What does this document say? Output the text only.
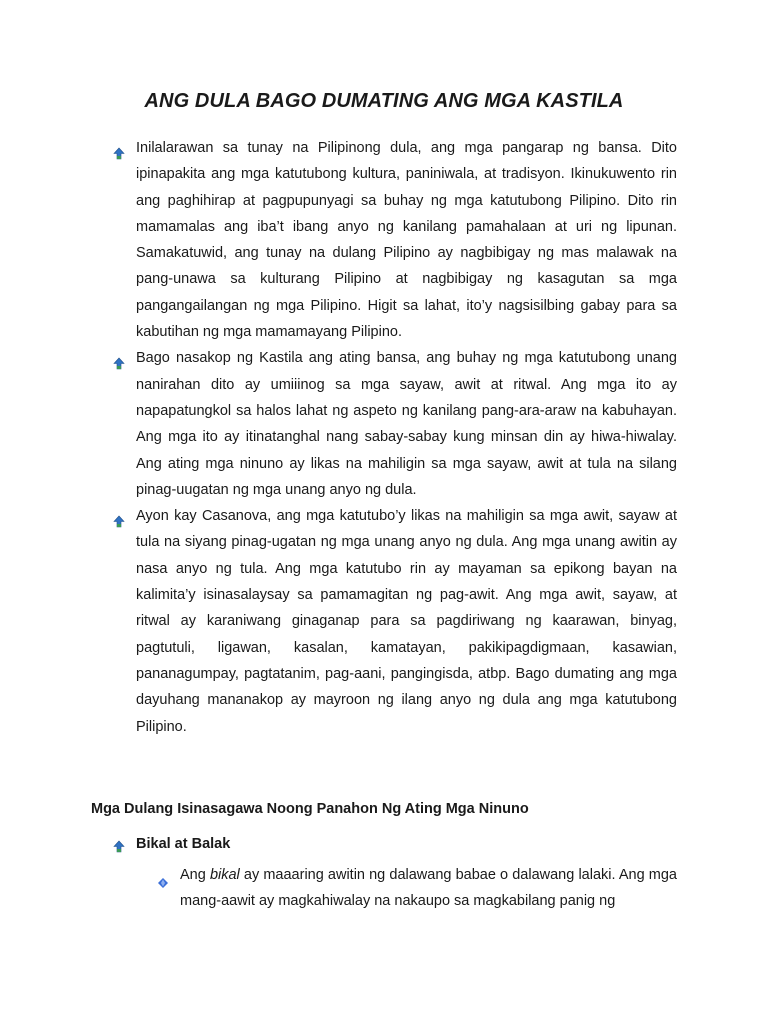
ANG DULA BAGO DUMATING ANG MGA KASTILA
Inilalarawan sa tunay na Pilipinong dula, ang mga pangarap ng bansa. Dito ipinapakita ang mga katutubong kultura, paniniwala, at tradisyon. Ikinukuwento rin ang paghihirap at pagpupunyagi sa buhay ng mga katutubong Pilipino. Dito rin mamamalas ang iba’t ibang anyo ng kanilang pamahalaan at uri ng lipunan. Samakatuwid, ang tunay na dulang Pilipino ay nagbibigay ng mas malawak na pang-unawa sa kulturang Pilipino at nagbibigay ng kasagutan sa mga pangangailangan ng mga Pilipino. Higit sa lahat, ito’y nagsisilbing gabay para sa kabutihan ng mga mamamayang Pilipino.
Bago nasakop ng Kastila ang ating bansa, ang buhay ng mga katutubong unang nanirahan dito ay umiiinog sa mga sayaw, awit at ritwal. Ang mga ito ay napapatungkol sa halos lahat ng aspeto ng kanilang pang-ara-araw na kabuhayan. Ang mga ito ay itinatanghal nang sabay-sabay kung minsan din ay hiwa-hiwalay. Ang ating mga ninuno ay likas na mahiligin sa mga sayaw, awit at tula na silang pinag-uugatan ng mga unang anyo ng dula.
Ayon kay Casanova, ang mga katutubo’y likas na mahiligin sa mga awit, sayaw at tula na siyang pinag-ugatan ng mga unang anyo ng dula. Ang mga unang awitin ay nasa anyo ng tula. Ang mga katutubo rin ay mayaman sa epikong bayan na kalimita’y isinasalaysay sa pamamagitan ng pag-awit. Ang mga awit, sayaw, at ritwal ay karaniwang ginaganap para sa pagdiriwang ng kaarawan, binyag, pagtutuli, ligawan, kasalan, kamatayan, pakikipagdigmaan, kasawian, pananagumpay, pagtatanim, pag-aani, pangingisda, atbp. Bago dumating ang mga dayuhang mananakop ay mayroon ng ilang anyo ng dula ang mga katutubong Pilipino.
Mga Dulang Isinasagawa Noong Panahon Ng Ating Mga Ninuno
Bikal at Balak
Ang bikal ay maaaring awitin ng dalawang babae o dalawang lalaki. Ang mga mang-aawit ay magkahiwalay na nakaupo sa magkabilang panig ng
